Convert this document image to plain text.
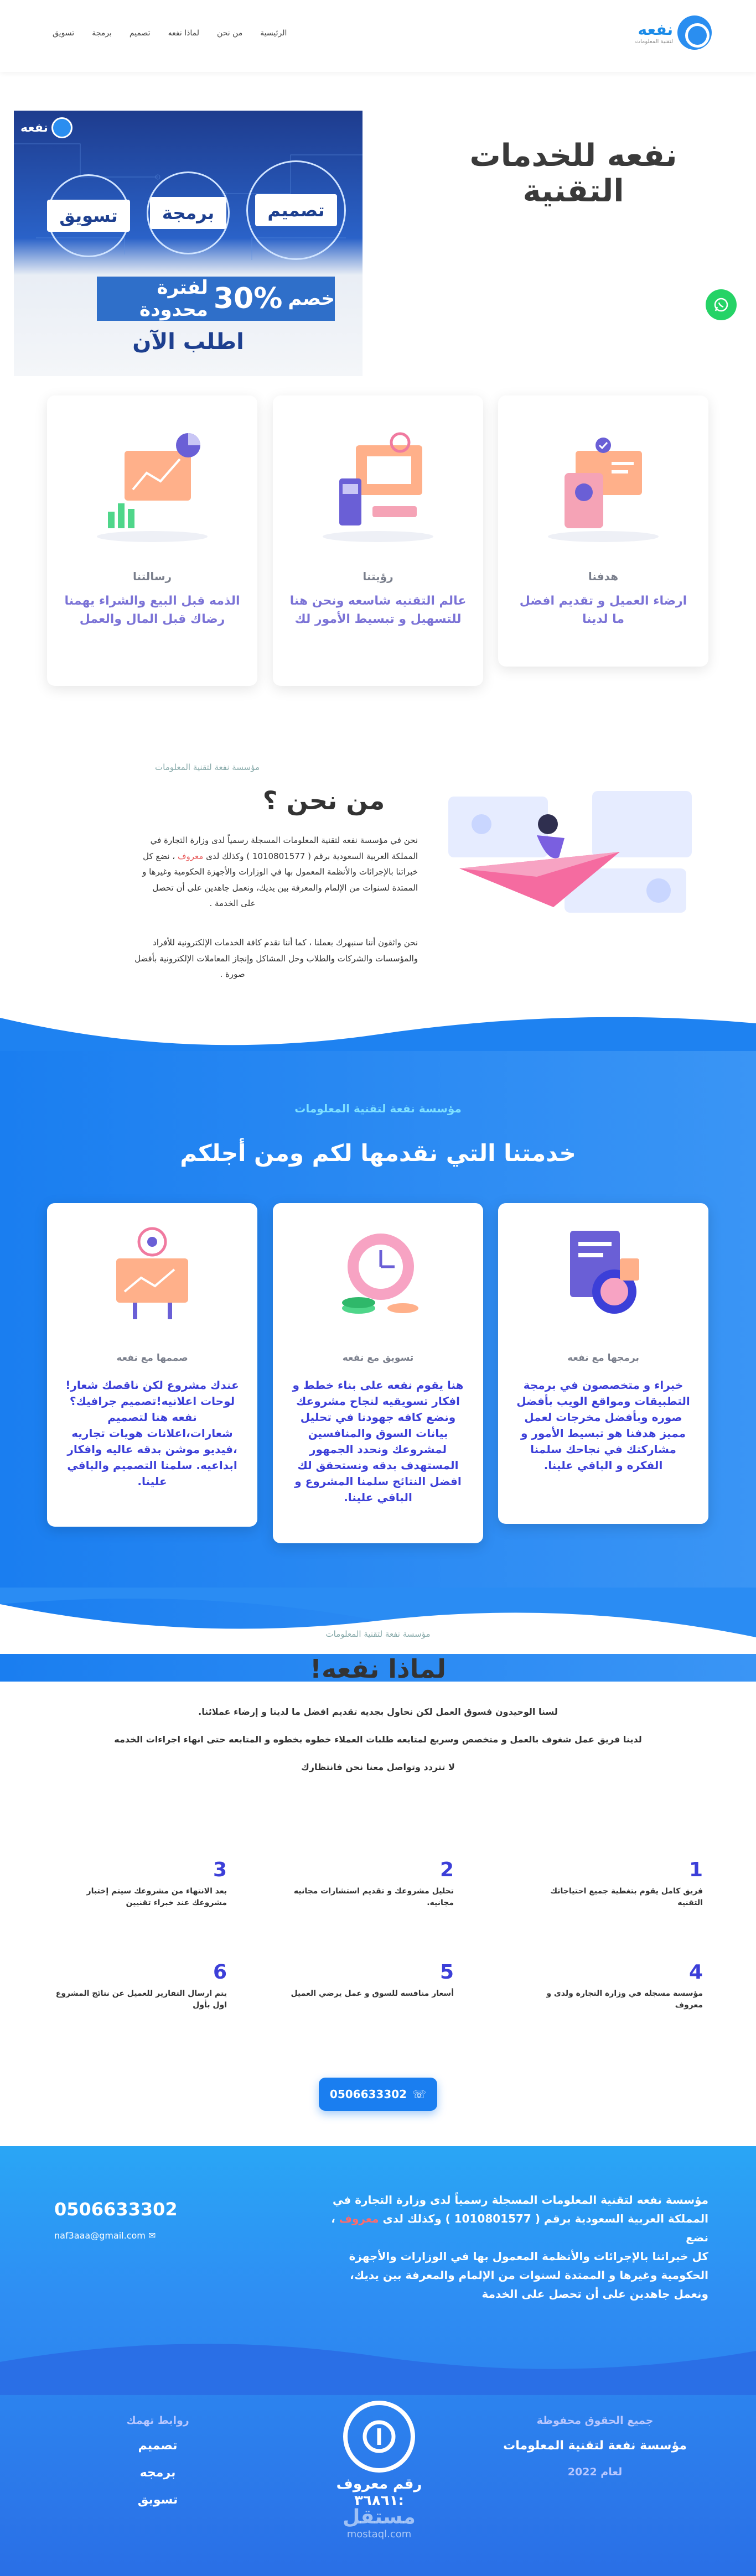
نفعه
لتقنية المعلومات
الرئيسية
من نحن
لماذا نفعه
تصميم
برمجة
تسويق
نفعه للخدمات التقنية
نفعه
تصميم
برمجة
تسويق
خصم
30%
لفترة محدودة
اطلب الآن
هدفنا

ارضاء العميل و تقديم افضل ما لدينا

رؤيتنا

عالم التقنيه شاسعه ونحن هنا للتسهيل و تبسيط الأمور لك

رسالتنا

الذمه قبل البيع والشراء يهمنا رضاك قبل المال والعمل

مؤسسة نفعة لتقنية المعلومات
من نحن ؟
نحن في مؤسسة نفعه لتقنية المعلومات المسجلة رسمياً لدى وزارة التجارة في
المملكة العربية السعودية برقم ( 1010801577 ) وكذلك لدى معروف ، نضع كل
خبراتنا بالإجرائات والأنظمة المعمول بها في الوزارات والأجهزة الحكومية وغيرها و
الممتدة لسنوات من الإلمام والمعرفة بين يديك، ونعمل جاهدين على أن تحصل
على الخدمة .
نحن واثقون أننا سنبهرك بعملنا ، كما أننا نقدم كافة الخدمات الإلكترونية للأفراد
والمؤسسات والشركات والطلاب وحل المشاكل وإنجاز المعاملات الإلكترونية بأفضل
صورة .
مؤسسة نفعة لتقنية المعلومات
خدمتنا التي نقدمها لكم ومن أجلكم
برمجها مع نفعه

خبراء و متخصصون في برمجة التطبيقات ومواقع الويب بأفضل صوره وبأفضل مخرجات لعمل مميز هدفنا هو تبسيط الأمور و مشاركتك في نجاحك سلمنا الفكره و الباقي علينا.

تسويق مع نفعه

هنا يقوم نفعه على بناء خطط و افكار تسويقيه لنجاح مشروعك ونضع كافه جهودنا في تحليل بيانات السوق والمنافسين لمشروعك ونحدد الجمهور المستهدف بدقه ونستحقق لك افضل النتائج سلمنا المشروع و الباقي علينا.

صممها مع نفعه

عندك مشروع لكن ناقصك شعار!لوحات اعلانيه!تصميم جرافيك؟ نفعه هنا لتصميم شعارات،اعلانات هويات تجاريه ،فيديو موشن بدقه عاليه وافكار ابداعيه. سلمنا التصميم والباقي علينا.

مؤسسة نفعة لتقنية المعلومات
لماذا نفعه!
لسنا الوحيدون فسوق العمل لكن نحاول بجديه تقديم افضل ما لدينا و إرضاء عملائنا.
لدينا فريق عمل شغوف بالعمل و متخصص وسريع لمتابعه طلبات العملاء خطوه بخطوه و المتابعه حتى انهاء اجراءات الخدمه
لا تتردد وتواصل معنا نحن فانتظارك
1
فريق كامل يقوم بتغطية جميع احتياجاتك التقنيه
2
تحليل مشروعك و تقديم استشارات مجانيه مجانيه.
3
بعد الانتهاء من مشروعك سيتم إختبار مشروعك عند خبراء تقنيين
4
مؤسسة مسجله في وزارة التجارة ولدى و معروف
5
أسعار منافسه للسوق و عمل يرضي العميل
6
يتم ارسال التقارير للعميل عن نتائج المشروع اول بأول
☏
0506633302
0506633302
naf3aaa@gmail.com ✉
مؤسسة نفعه لتقنية المعلومات المسجلة رسمياً لدى وزارة التجارة في
المملكة العربية السعودية برقم ( 1010801577 ) وكذلك لدى معروف ، نضع
كل خبراتنا بالإجرائات والأنظمة المعمول بها في الوزارات والأجهزة
الحكومية وغيرها و الممتدة لسنوات من الإلمام والمعرفة بين يديك،
ونعمل جاهدين على أن تحصل على الخدمة
جميع الحقوق محفوظة
مؤسسة نفعة لتقنية المعلومات
لعام 2022
روابط تهمك
تصميم
برمجه
تسويق
رقم معروف :٣٦٨٦١
مستقل
mostaql.com
